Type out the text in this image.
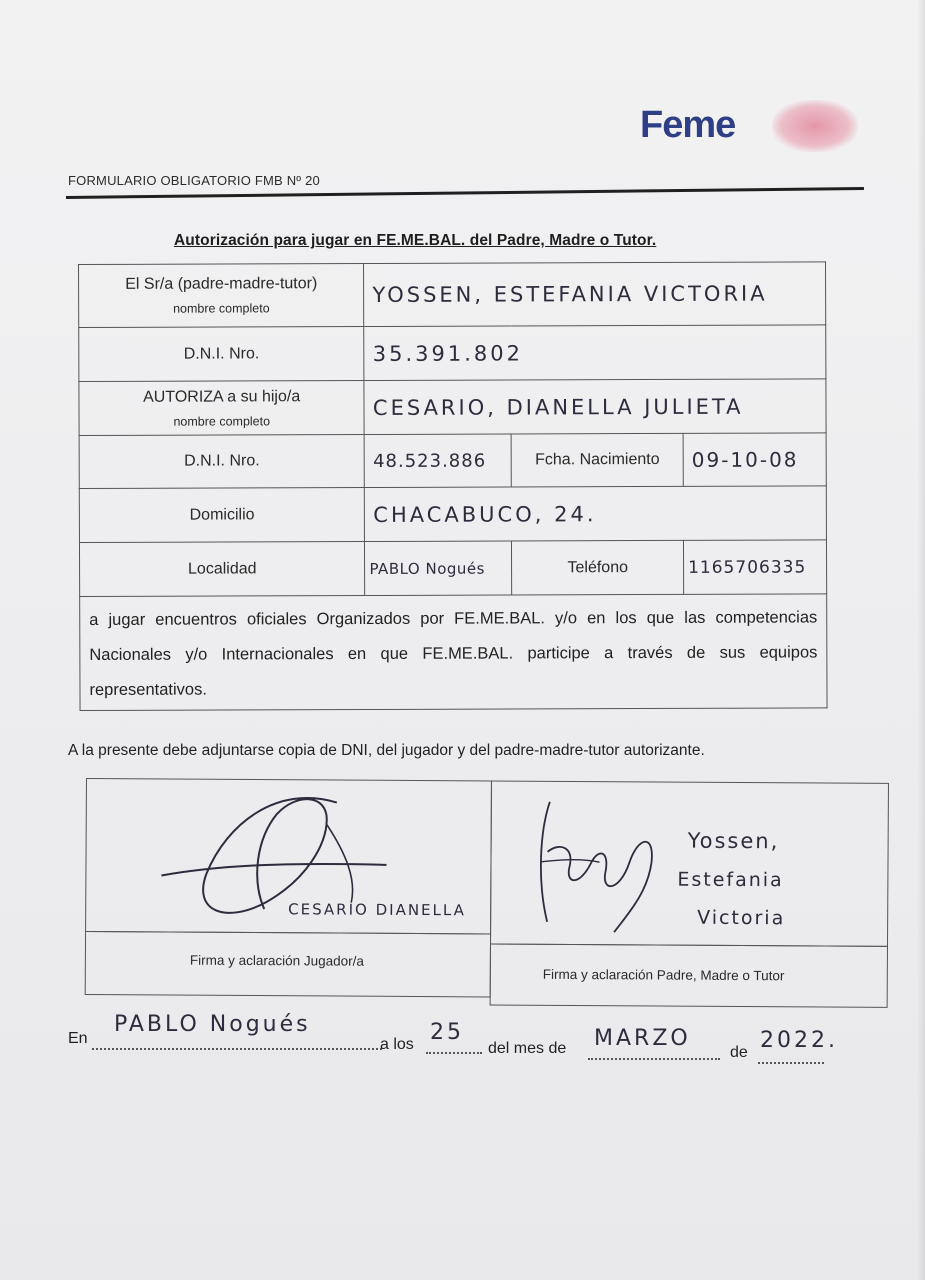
Feme
FORMULARIO OBLIGATORIO FMB Nº 20
Autorización para jugar en FE.ME.BAL. del Padre, Madre o Tutor.
El Sr/a (padre-madre-tutor)
nombre completo	YOSSEN, ESTEFANIA VICTORIA		
D.N.I. Nro.	35.391.802		
AUTORIZA a su hijo/a
nombre completo	CESARIO, DIANELLA JULIETA		
D.N.I. Nro.	48.523.886	Fcha. Nacimiento	09-10-08
Domicilio	CHACABUCO, 24.		
Localidad	PABLO Nogués	Teléfono	1165706335
a jugar encuentros oficiales Organizados por FE.ME.BAL. y/o en los que las competencias Nacionales y/o Internacionales en que FE.ME.BAL. participe a través de sus equipos representativos.			
A la presente debe adjuntarse copia de DNI, del jugador y del padre-madre-tutor autorizante.
CESARIO DIANELLA
Firma y aclaración Jugador/a
Yossen,
Estefania
Victoria
Firma y aclaración Padre, Madre o Tutor
En
PABLO Nogués
a los 25
del mes de MARZO
de 2022.
